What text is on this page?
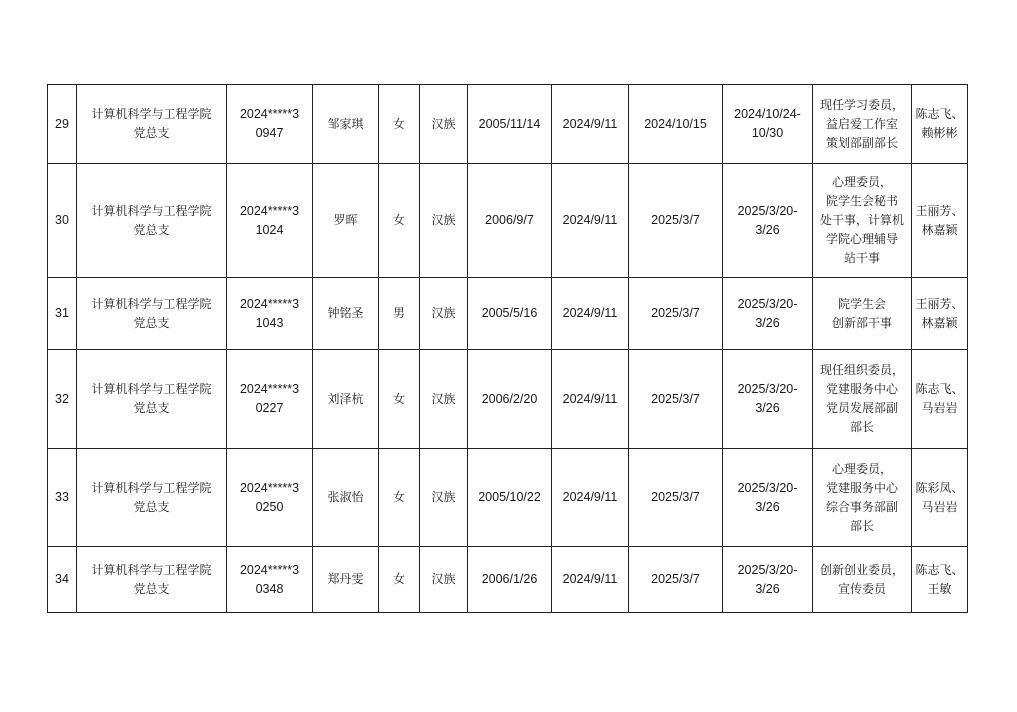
29	计算机科学与工程学院
党总支	2024*****3
0947	邹家琪	女	汉族	2005/11/14	2024/9/11	2024/10/15	2024/10/24-
10/30	现任学习委员，
益启爱工作室
策划部副部长	陈志飞、
赖彬彬

30	计算机科学与工程学院
党总支	2024*****3
1024	罗晖	女	汉族	2006/9/7	2024/9/11	2025/3/7	2025/3/20-
3/26	心理委员，
院学生会秘书
处干事，计算机
学院心理辅导
站干事	王丽芳、
林嘉颖

31	计算机科学与工程学院
党总支	2024*****3
1043	钟铭圣	男	汉族	2005/5/16	2024/9/11	2025/3/7	2025/3/20-
3/26	院学生会
创新部干事	王丽芳、
林嘉颖

32	计算机科学与工程学院
党总支	2024*****3
0227	刘泽杭	女	汉族	2006/2/20	2024/9/11	2025/3/7	2025/3/20-
3/26	现任组织委员，
党建服务中心
党员发展部副
部长	陈志飞、
马岩岩

33	计算机科学与工程学院
党总支	2024*****3
0250	张淑怡	女	汉族	2005/10/22	2024/9/11	2025/3/7	2025/3/20-
3/26	心理委员，
党建服务中心
综合事务部副
部长	陈彩凤、
马岩岩

34	计算机科学与工程学院
党总支	2024*****3
0348	郑丹雯	女	汉族	2006/1/26	2024/9/11	2025/3/7	2025/3/20-
3/26	创新创业委员，
宣传委员	陈志飞、
王敏
